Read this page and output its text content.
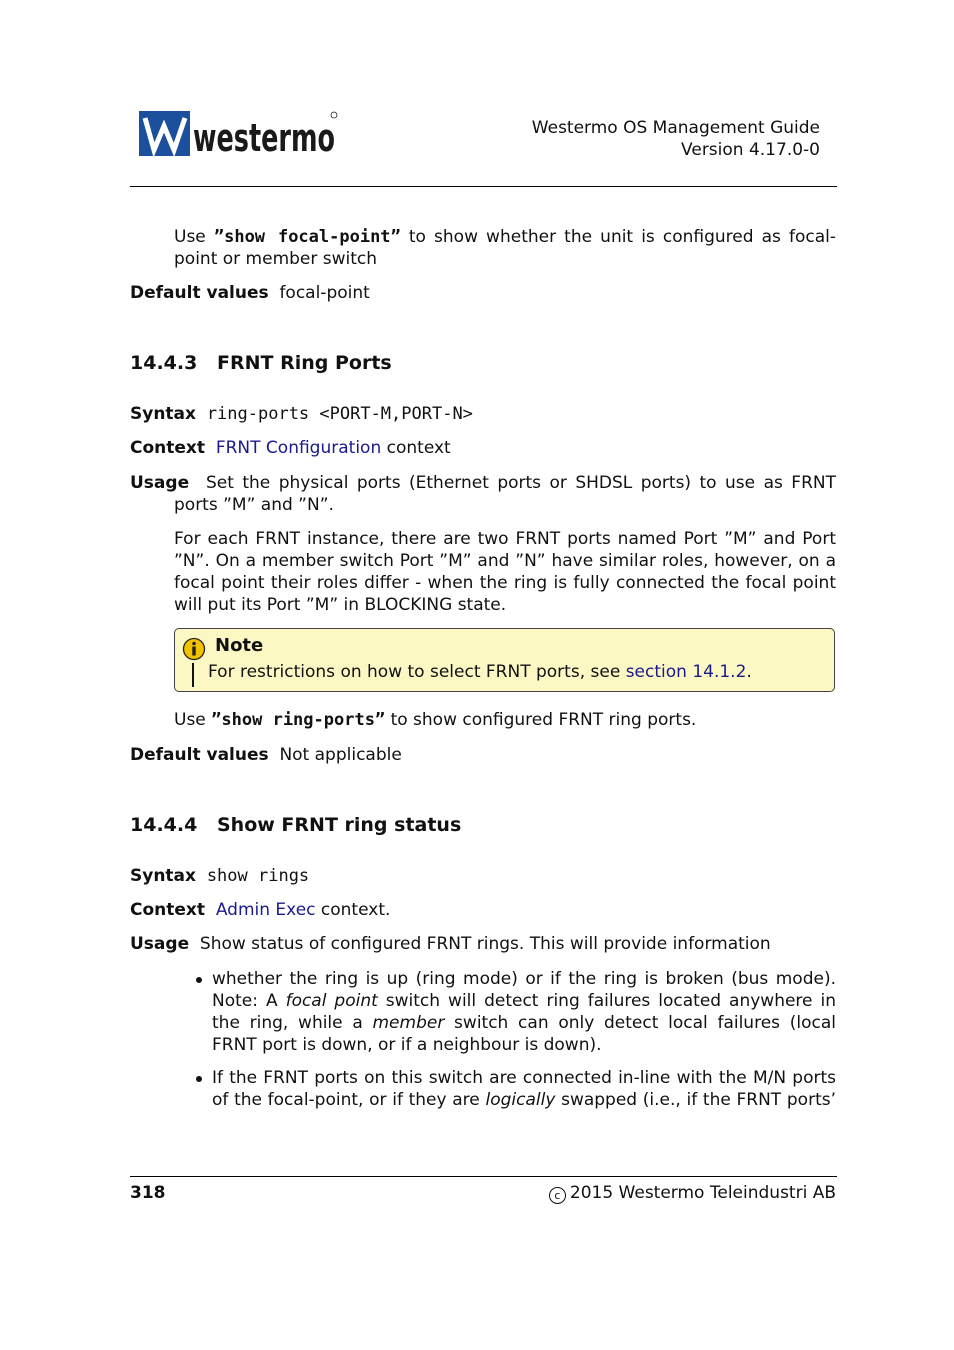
westermo	Westermo OS Management Guide
Version 4.17.0-0
Use ”show focal-point” to show whether the unit is configured as focal-
point or member switch
Default values focal-point
14.4.3 FRNT Ring Ports
Syntax ring-ports <PORT-M,PORT-N>
Context FRNT Configuration context
Usage Set the physical ports (Ethernet ports or SHDSL ports) to use as FRNT
ports ”M” and ”N”.
For each FRNT instance, there are two FRNT ports named Port ”M” and Port
”N”. On a member switch Port ”M” and ”N” have similar roles, however, on a
focal point their roles differ - when the ring is fully connected the focal point
will put its Port ”M” in BLOCKING state.
Note
For restrictions on how to select FRNT ports, see section 14.1.2.
Use ”show ring-ports” to show configured FRNT ring ports.
Default values Not applicable
14.4.4 Show FRNT ring status
Syntax show rings
Context Admin Exec context.
Usage Show status of configured FRNT rings. This will provide information
whether the ring is up (ring mode) or if the ring is broken (bus mode).
Note: A focal point switch will detect ring failures located anywhere in
the ring, while a member switch can only detect local failures (local
FRNT port is down, or if a neighbour is down).
If the FRNT ports on this switch are connected in-line with the M/N ports
of the focal-point, or if they are logically swapped (i.e., if the FRNT ports’
318	c 2015 Westermo Teleindustri AB
